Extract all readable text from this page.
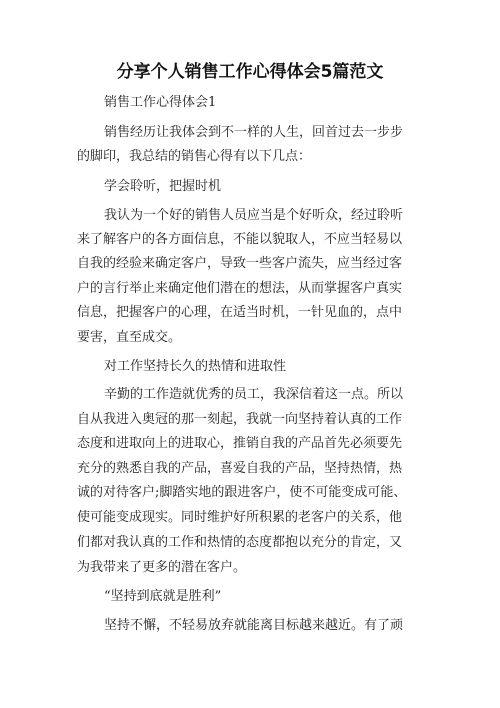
分享个人销售工作心得体会5篇范文
销售工作心得体会1
销售经历让我体会到不一样的人生，回首过去一步步
的脚印，我总结的销售心得有以下几点：
学会聆听，把握时机
我认为一个好的销售人员应当是个好听众，经过聆听
来了解客户的各方面信息，不能以貌取人，不应当轻易以
自我的经验来确定客户，导致一些客户流失，应当经过客
户的言行举止来确定他们潜在的想法，从而掌握客户真实
信息，把握客户的心理，在适当时机，一针见血的，点中
要害，直至成交。
对工作坚持长久的热情和进取性
辛勤的工作造就优秀的员工，我深信着这一点。所以
自从我进入奥冠的那一刻起，我就一向坚持着认真的工作
态度和进取向上的进取心，推销自我的产品首先必须要先
充分的熟悉自我的产品，喜爱自我的产品，坚持热情，热
诚的对待客户;脚踏实地的跟进客户，使不可能变成可能、
使可能变成现实。同时维护好所积累的老客户的关系，他
们都对我认真的工作和热情的态度都抱以充分的肯定，又
为我带来了更多的潜在客户。
“坚持到底就是胜利”
坚持不懈，不轻易放弃就能离目标越来越近。有了顽
